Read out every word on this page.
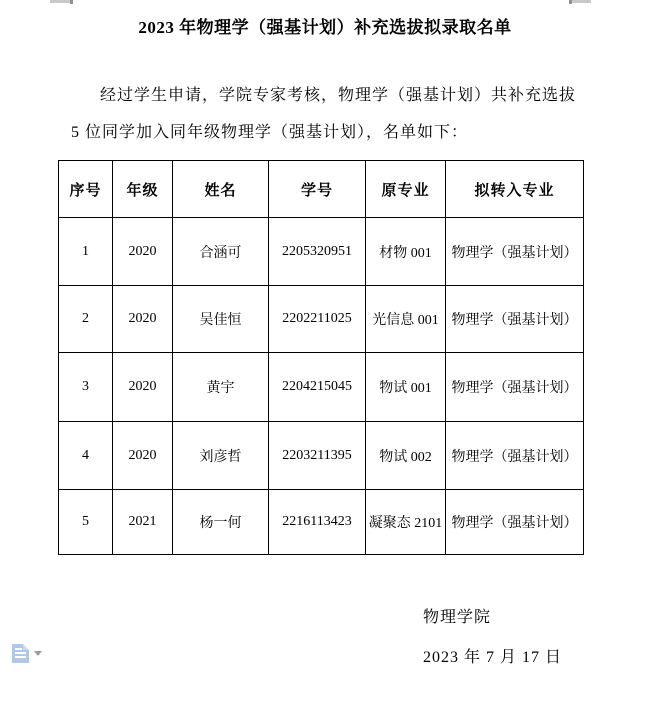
2023 年物理学（强基计划）补充选拔拟录取名单
经过学生申请，学院专家考核，物理学（强基计划）共补充选拔
5 位同学加入同年级物理学（强基计划），名单如下：
序号	年级	姓名	学号	原专业	拟转入专业
1	2020	合涵可	2205320951	材物 001	物理学（强基计划）
2	2020	吴佳恒	2202211025	光信息 001	物理学（强基计划）
3	2020	黄宇	2204215045	物试 001	物理学（强基计划）
4	2020	刘彦哲	2203211395	物试 002	物理学（强基计划）
5	2021	杨一何	2216113423	凝聚态 2101	物理学（强基计划）
物理学院
2023 年 7 月 17 日
